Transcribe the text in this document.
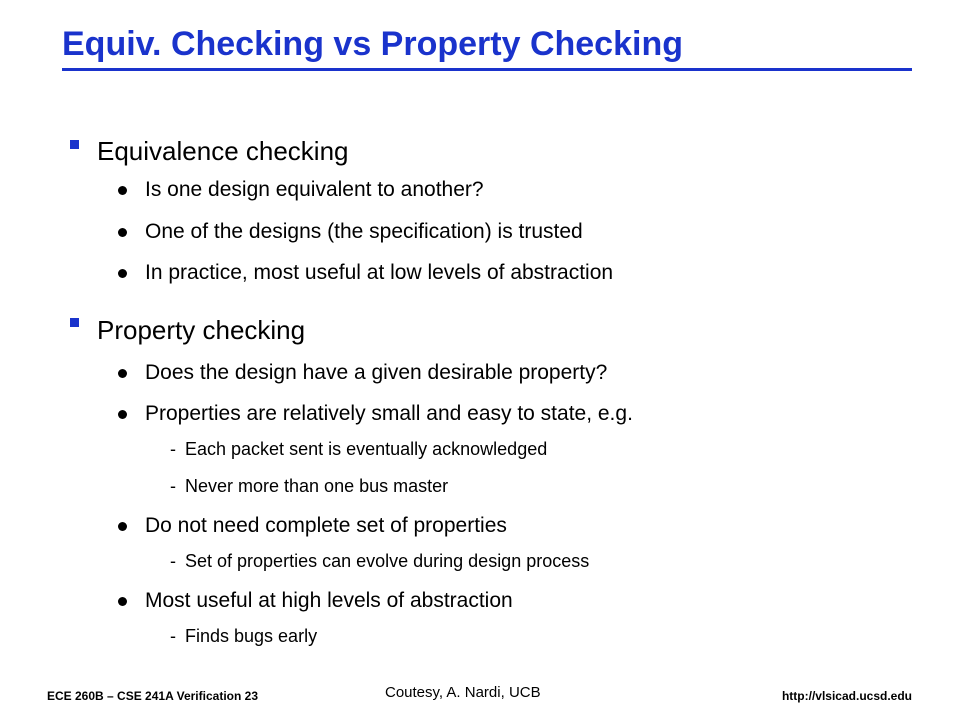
Equiv. Checking vs Property Checking
Equivalence checking
Is one design equivalent to another?
One of the designs (the specification) is trusted
In practice, most useful at low levels of abstraction
Property checking
Does the design have a given desirable property?
Properties are relatively small and easy to state, e.g.
- Each packet sent is eventually acknowledged
- Never more than one bus master
Do not need complete set of properties
- Set of properties can evolve during design process
Most useful at high levels of abstraction
- Finds bugs early
ECE 260B – CSE 241A Verification 23	Coutesy, A. Nardi, UCB	http://vlsicad.ucsd.edu
